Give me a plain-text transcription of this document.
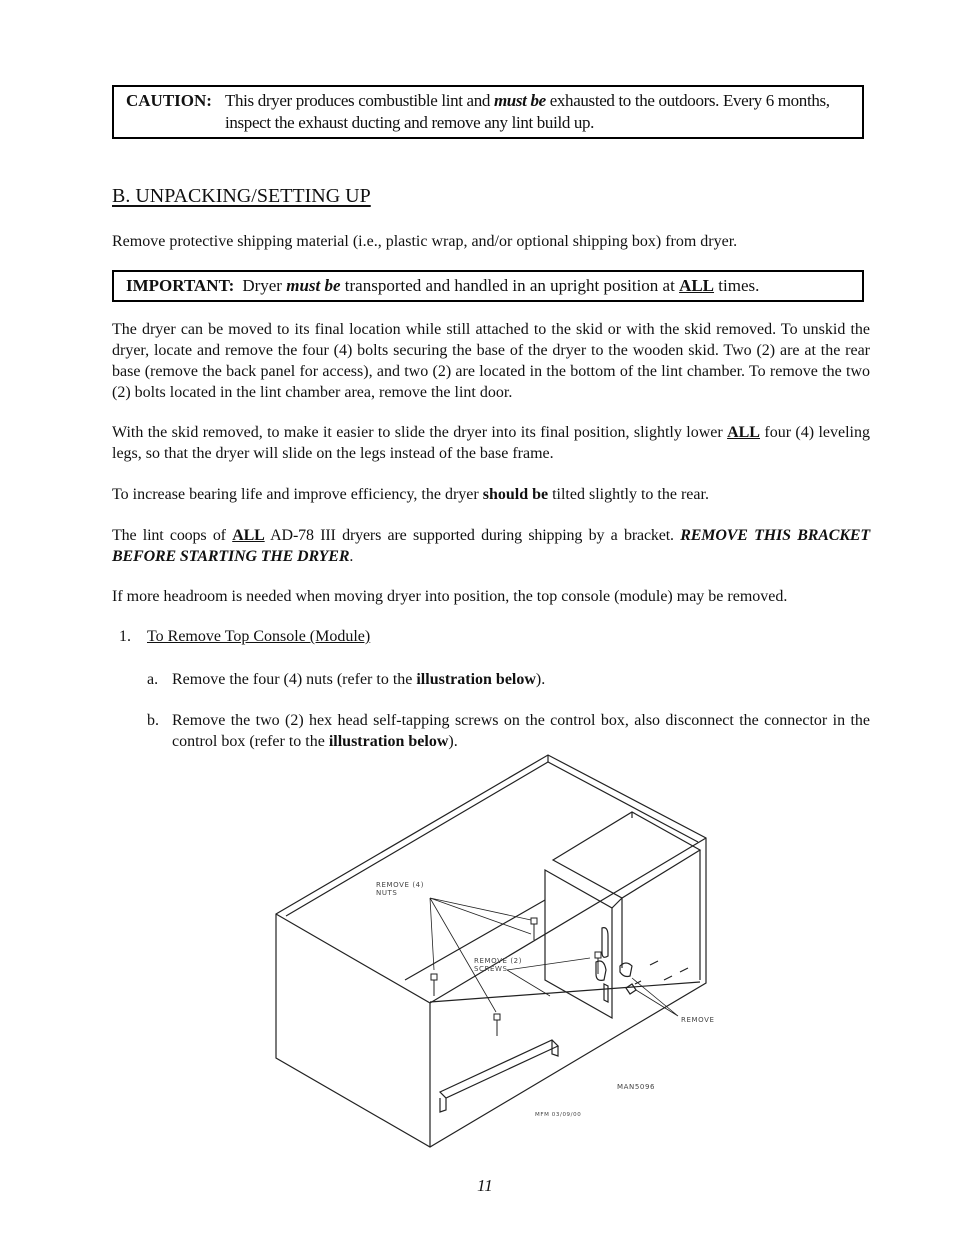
CAUTION: This dryer produces combustible lint and must be exhausted to the outdoors. Every 6 months, inspect the exhaust ducting and remove any lint build up.
B. UNPACKING/SETTING UP

Remove protective shipping material (i.e., plastic wrap, and/or optional shipping box) from dryer.

IMPORTANT: Dryer must be transported and handled in an upright position at ALL times.

The dryer can be moved to its final location while still attached to the skid or with the skid removed. To unskid the dryer, locate and remove the four (4) bolts securing the base of the dryer to the wooden skid. Two (2) are at the rear base (remove the back panel for access), and two (2) are located in the bottom of the lint chamber. To remove the two (2) bolts located in the lint chamber area, remove the lint door.

With the skid removed, to make it easier to slide the dryer into its final position, slightly lower ALL four (4) leveling legs, so that the dryer will slide on the legs instead of the base frame.

To increase bearing life and improve efficiency, the dryer should be tilted slightly to the rear.

The lint coops of ALL AD-78 III dryers are supported during shipping by a bracket. REMOVE THIS BRACKET BEFORE STARTING THE DRYER.

If more headroom is needed when moving dryer into position, the top console (module) may be removed.

1. To Remove Top Console (Module)
a. Remove the four (4) nuts (refer to the illustration below).
b. Remove the two (2) hex head self-tapping screws on the control box, also disconnect the connector in the control box (refer to the illustration below).
REMOVE (4)
NUTS
REMOVE (2)
SCREWS
REMOVE
MAN5096
MFM 03/09/00
11
